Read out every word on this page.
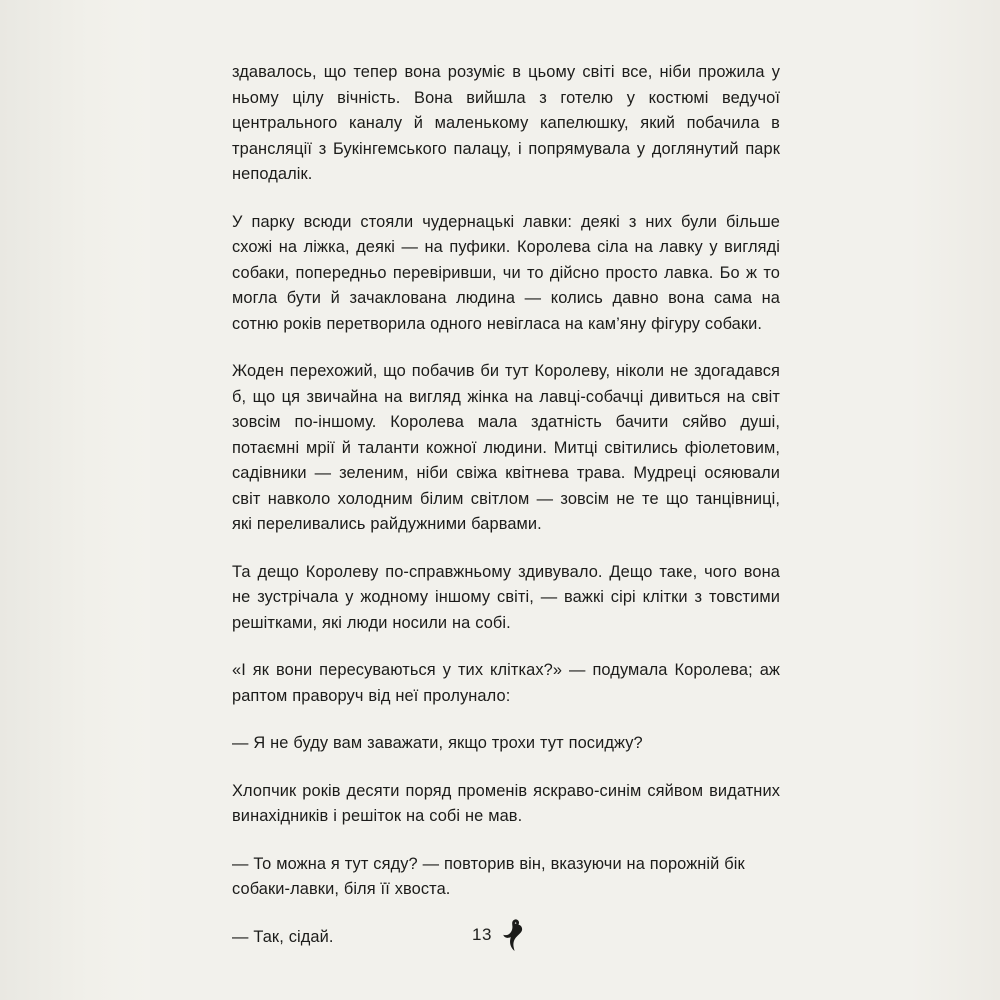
здавалось, що тепер вона розуміє в цьому світі все, ніби прожила у ньому цілу вічність. Вона вийшла з готелю у костюмі ведучої центрального каналу й маленькому капелюшку, який побачила в трансляції з Букінгемського палацу, і попрямувала у доглянутий парк неподалік.

У парку всюди стояли чудернацькі лавки: деякі з них були більше схожі на ліжка, деякі — на пуфики. Королева сіла на лавку у вигляді собаки, попередньо перевіривши, чи то дійсно просто лавка. Бо ж то могла бути й зачаклована людина — колись давно вона сама на сотню років перетворила одного невігласа на кам’яну фігуру собаки.

Жоден перехожий, що побачив би тут Королеву, ніколи не здогадався б, що ця звичайна на вигляд жінка на лавці-собачці дивиться на світ зовсім по-іншому. Королева мала здатність бачити сяйво душі, потаємні мрії й таланти кожної людини. Митці світились фіолетовим, садівники — зеленим, ніби свіжа квітнева трава. Мудреці осяювали світ навколо холодним білим світлом — зовсім не те що танцівниці, які переливались райдужними барвами.

Та дещо Королеву по-справжньому здивувало. Дещо таке, чого вона не зустрічала у жодному іншому світі, — важкі сірі клітки з товстими решітками, які люди носили на собі.

«І як вони пересуваються у тих клітках?» — подумала Королева; аж раптом праворуч від неї пролунало:

— Я не буду вам заважати, якщо трохи тут посиджу?

Хлопчик років десяти поряд променів яскраво-синім сяйвом видатних винахідників і решіток на собі не мав.

— То можна я тут сяду? — повторив він, вказуючи на порожній бік собаки-лавки, біля її хвоста.

— Так, сідай.	13
